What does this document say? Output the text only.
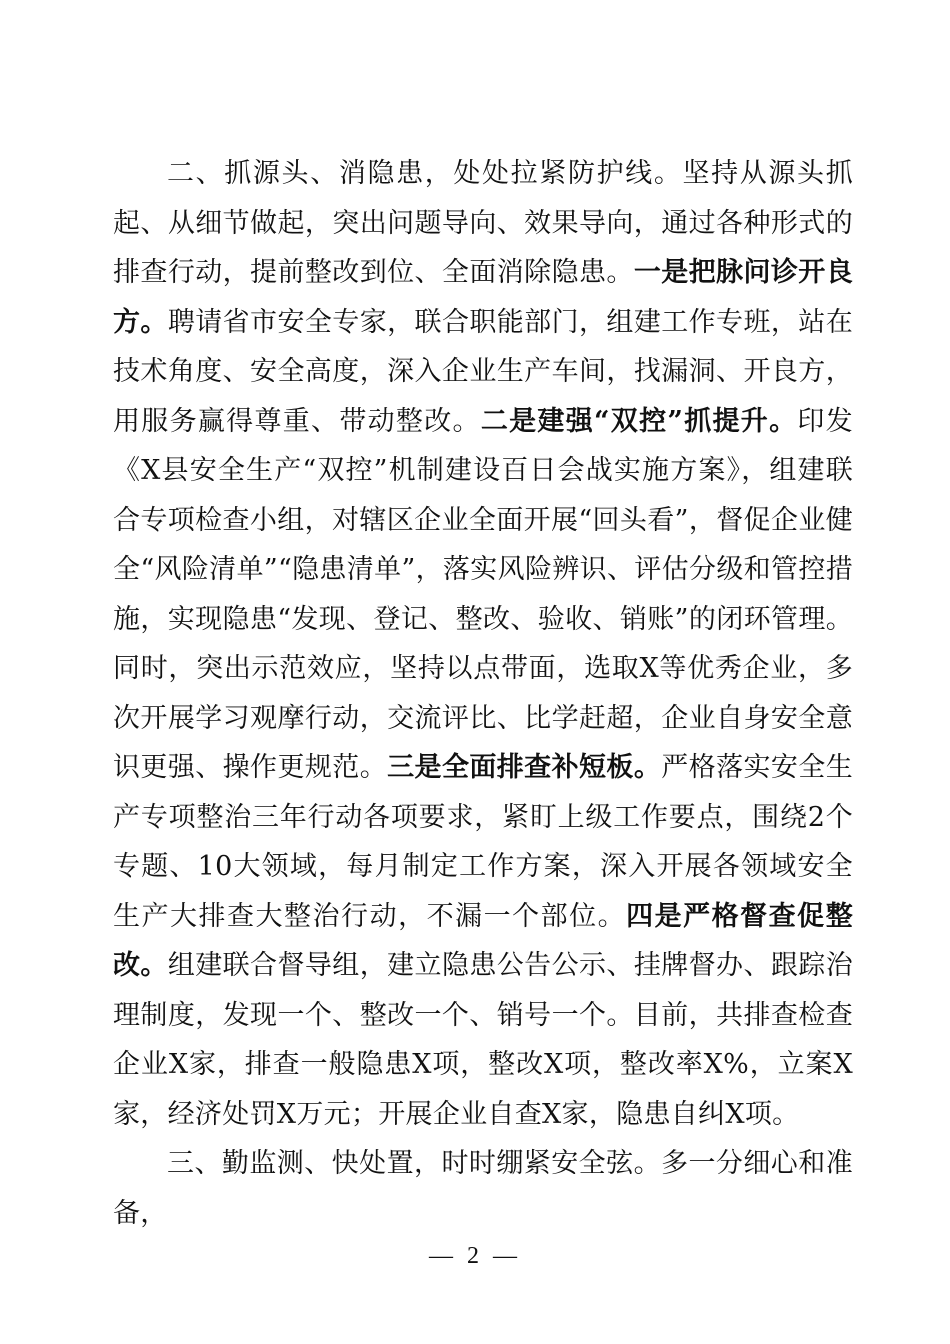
二、抓源头、消隐患，处处拉紧防护线。坚持从源头抓起、从细节做起，突出问题导向、效果导向，通过各种形式的排查行动，提前整改到位、全面消除隐患。一是把脉问诊开良方。聘请省市安全专家，联合职能部门，组建工作专班，站在技术角度、安全高度，深入企业生产车间，找漏洞、开良方，用服务赢得尊重、带动整改。二是建强“双控”抓提升。印发《X县安全生产“双控”机制建设百日会战实施方案》，组建联合专项检查小组，对辖区企业全面开展“回头看”，督促企业健全“风险清单”“隐患清单”，落实风险辨识、评估分级和管控措施，实现隐患“发现、登记、整改、验收、销账”的闭环管理。同时，突出示范效应，坚持以点带面，选取X等优秀企业，多次开展学习观摩行动，交流评比、比学赶超，企业自身安全意识更强、操作更规范。三是全面排查补短板。严格落实安全生产专项整治三年行动各项要求，紧盯上级工作要点，围绕2个专题、10大领域，每月制定工作方案，深入开展各领域安全生产大排查大整治行动，不漏一个部位。四是严格督查促整改。组建联合督导组，建立隐患公告公示、挂牌督办、跟踪治理制度，发现一个、整改一个、销号一个。目前，共排查检查企业X家，排查一般隐患X项，整改X项，整改率X%，立案X家，经济处罚X万元；开展企业自查X家，隐患自纠X项。

三、勤监测、快处置，时时绷紧安全弦。多一分细心和准备，

— 2 —
